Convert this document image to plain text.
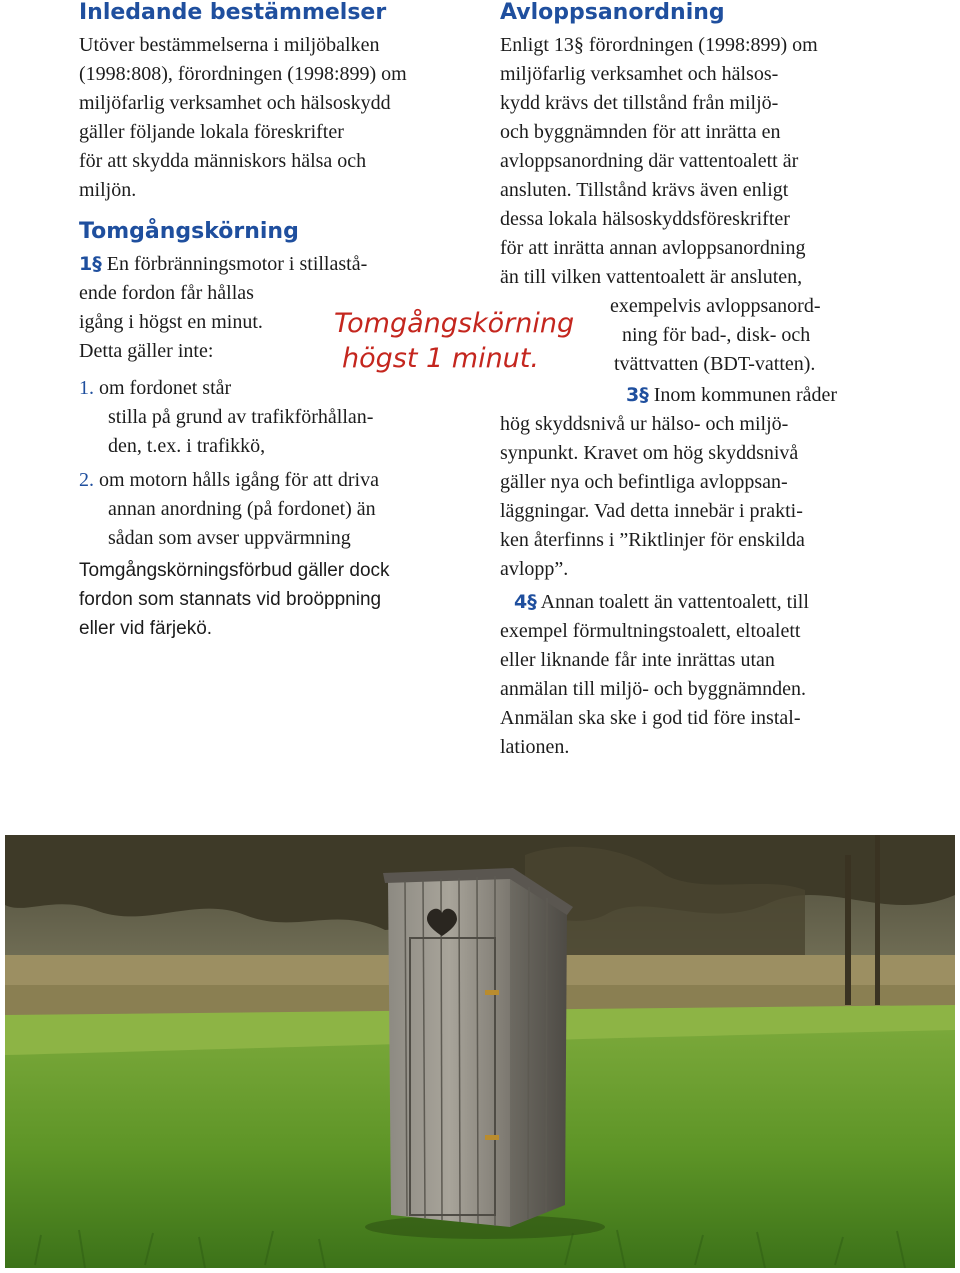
Inledande bestämmelser
Utöver bestämmelserna i miljöbalken
(1998:808), förordningen (1998:899) om
miljöfarlig verksamhet och hälsoskydd
gäller följande lokala föreskrifter
för att skydda människors hälsa och
miljön.
Tomgångskörning
1§ En förbränningsmotor i stillastå-
ende fordon får hållas
igång i högst en minut.
Detta gäller inte:
1. om fordonet står
stilla på grund av trafikförhållan-
den, t.ex. i trafikkö,
2. om motorn hålls igång för att driva
annan anordning (på fordonet) än
sådan som avser uppvärmning
Tomgångskörningsförbud gäller dock
fordon som stannats vid broöppning
eller vid färjekö.
Tomgångskörning
högst 1 minut.
Avloppsanordning
Enligt 13§ förordningen (1998:899) om
miljöfarlig verksamhet och hälsos-
kydd krävs det tillstånd från miljö-
och byggnämnden för att inrätta en
avloppsanordning där vattentoalett är
ansluten. Tillstånd krävs även enligt
dessa lokala hälsoskyddsföreskrifter
för att inrätta annan avloppsanordning
än till vilken vattentoalett är ansluten,
exempelvis avloppsanord-
ning för bad-, disk- och
tvättvatten (BDT-vatten).
3§ Inom kommunen råder
hög skyddsnivå ur hälso- och miljö-
synpunkt. Kravet om hög skyddsnivå
gäller nya och befintliga avloppsan-
läggningar. Vad detta innebär i prakti-
ken återfinns i ”Riktlinjer för enskilda
avlopp”.
4§ Annan toalett än vattentoalett, till
exempel förmultningstoalett, eltoalett
eller liknande får inte inrättas utan
anmälan till miljö- och byggnämnden.
Anmälan ska ske i god tid före instal-
lationen.
